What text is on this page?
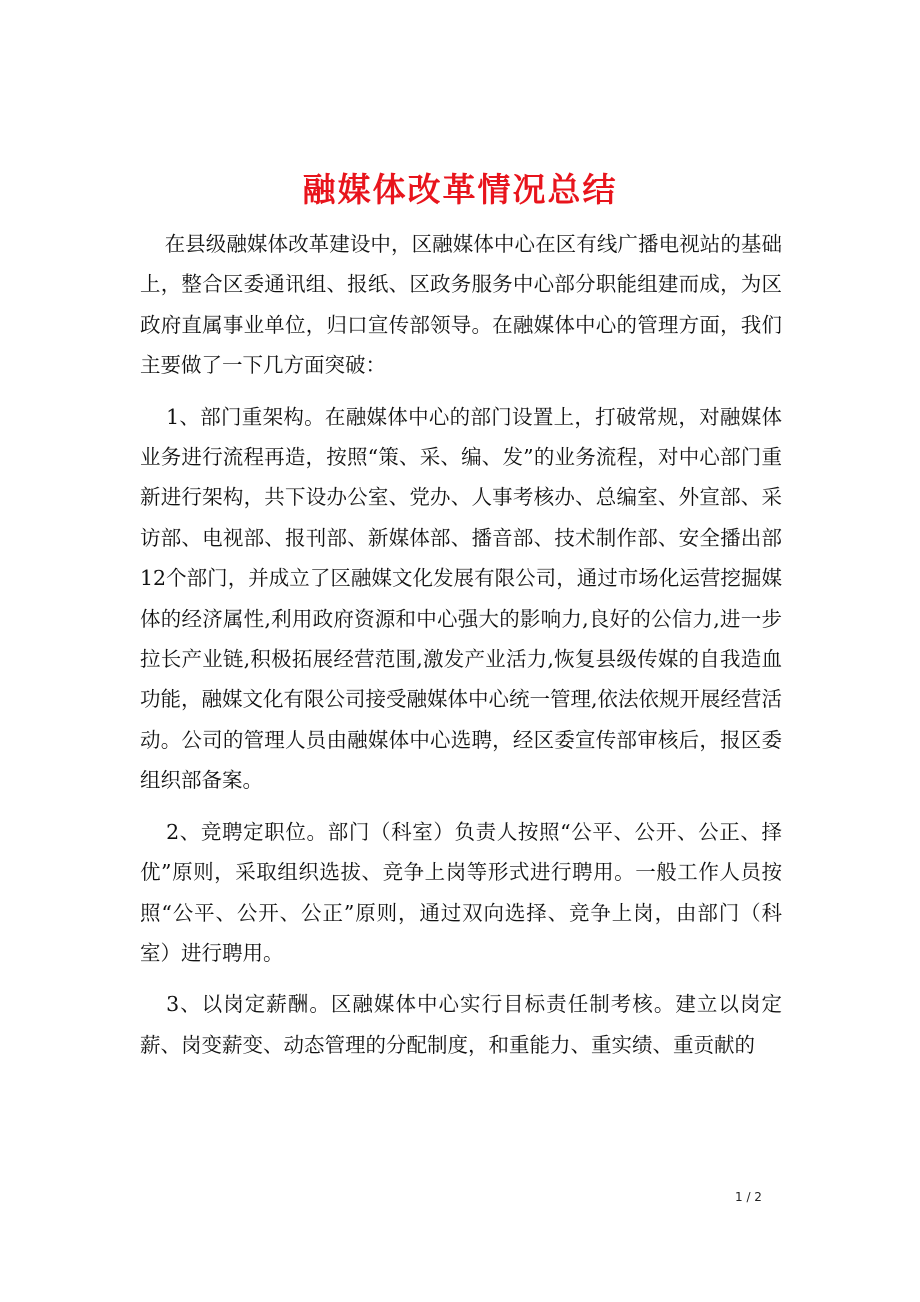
融媒体改革情况总结

在县级融媒体改革建设中，区融媒体中心在区有线广播电视站的基础上，整合区委通讯组、报纸、区政务服务中心部分职能组建而成，为区政府直属事业单位，归口宣传部领导。在融媒体中心的管理方面，我们主要做了一下几方面突破：

1、部门重架构。在融媒体中心的部门设置上，打破常规，对融媒体业务进行流程再造，按照“策、采、编、发”的业务流程，对中心部门重新进行架构，共下设办公室、党办、人事考核办、总编室、外宣部、采访部、电视部、报刊部、新媒体部、播音部、技术制作部、安全播出部12个部门，并成立了区融媒文化发展有限公司，通过市场化运营挖掘媒体的经济属性,利用政府资源和中心强大的影响力,良好的公信力,进一步拉长产业链,积极拓展经营范围,激发产业活力,恢复县级传媒的自我造血功能，融媒文化有限公司接受融媒体中心统一管理,依法依规开展经营活动。公司的管理人员由融媒体中心选聘，经区委宣传部审核后，报区委组织部备案。

2、竞聘定职位。部门（科室）负责人按照“公平、公开、公正、择优”原则，采取组织选拔、竞争上岗等形式进行聘用。一般工作人员按照“公平、公开、公正”原则，通过双向选择、竞争上岗，由部门（科室）进行聘用。

3、以岗定薪酬。区融媒体中心实行目标责任制考核。建立以岗定薪、岗变薪变、动态管理的分配制度，和重能力、重实绩、重贡献的

1 / 2
